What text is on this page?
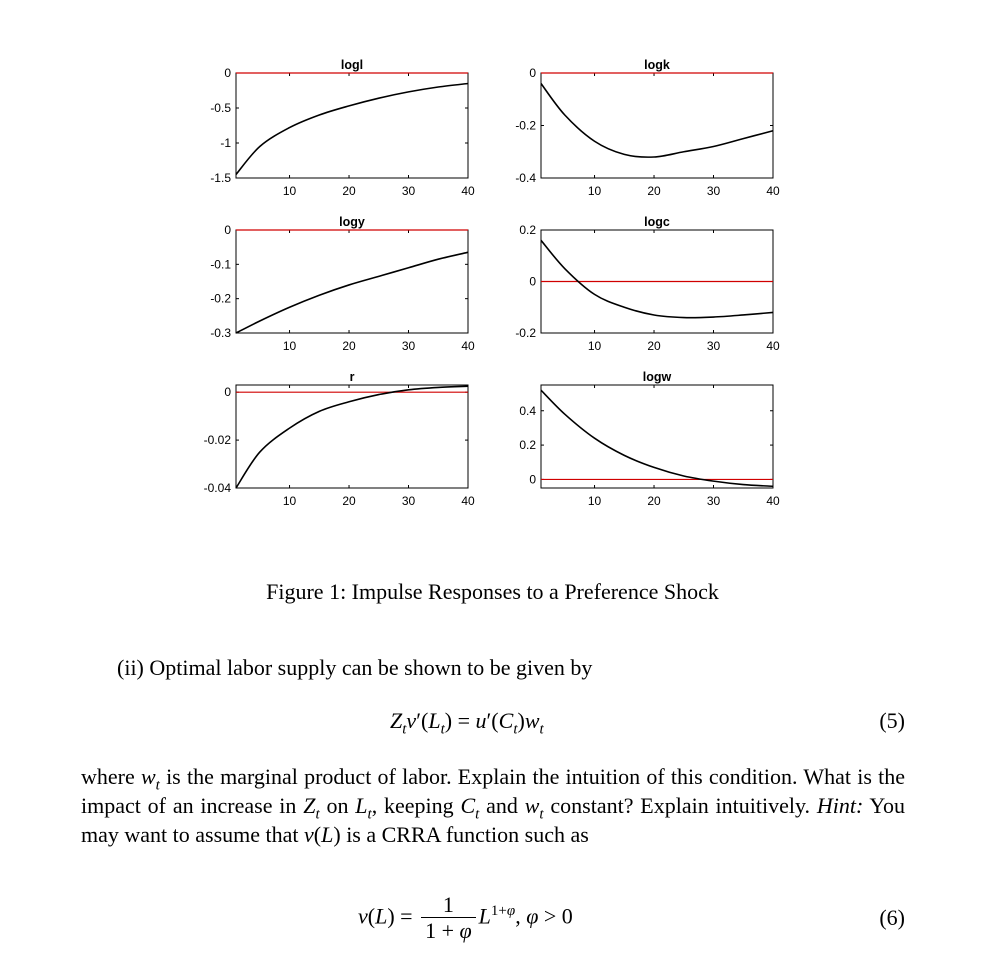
10	20	30	40
0
-0.5
-1
-1.5
logl
10	20	30	40
0
-0.2
-0.4
logk
10	20	30	40
0
-0.1
-0.2
-0.3
logy
10	20	30	40
0.2
0
-0.2
logc
10	20	30	40
0
-0.02
-0.04
r
10	20	30	40
0.4
0.2
0
logw
Figure 1: Impulse Responses to a Preference Shock
(ii) Optimal labor supply can be shown to be given by
$Z_tv'(L_t) = u'(C_t)w_t$	(5)
where $w_t$ is the marginal product of labor. Explain the intuition of this condition. What is the impact of an increase in $Z_t$ on $L_t$, keeping $C_t$ and $w_t$ constant? Explain intuitively. Hint: You may want to assume that v(L) is a CRRA function such as
$v(L) = \frac{1}{1 + \varphi} L^{1+\varphi}$, φ > 0	(6)
